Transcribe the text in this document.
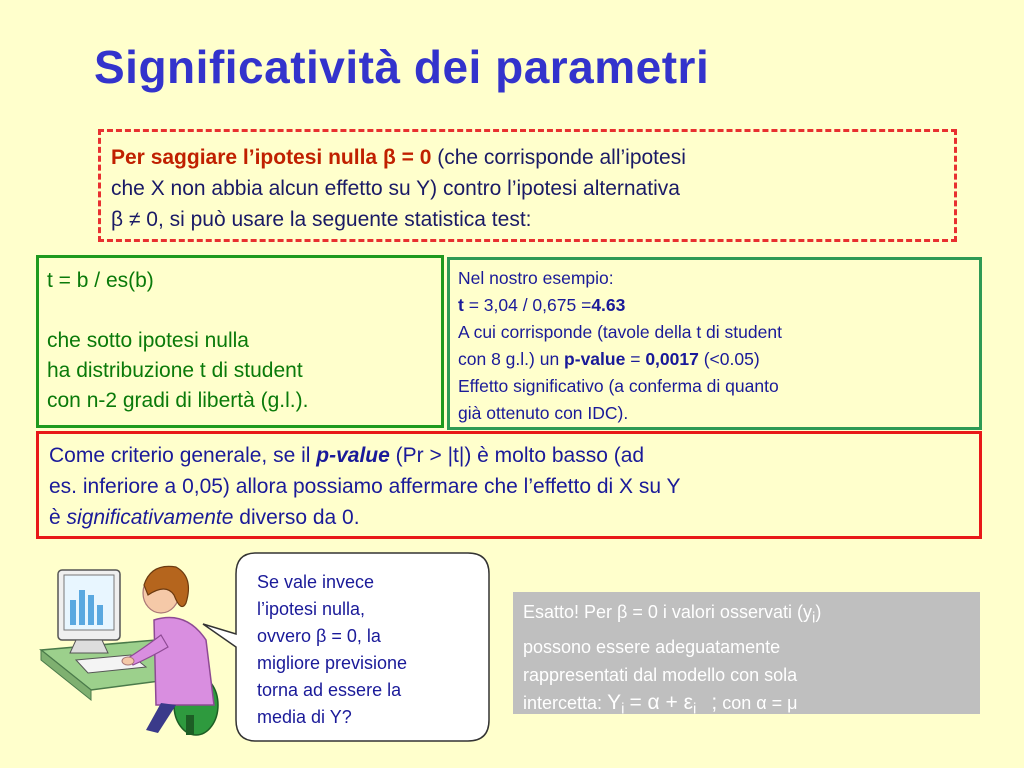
Significatività dei parametri
Per saggiare l’ipotesi nulla β = 0 (che corrisponde all’ipotesi
che X non abbia alcun effetto su Y) contro l’ipotesi alternativa
β ≠ 0, si può usare la seguente statistica test:
t = b / es(b)
che sotto ipotesi nulla
ha distribuzione t di student
con n-2 gradi di libertà (g.l.).
Nel nostro esempio:
t = 3,04 / 0,675 =4.63
A cui corrisponde (tavole della t di student
con 8 g.l.) un p-value = 0,0017 (<0.05)
Effetto significativo (a conferma di quanto
già ottenuto con IDC).
Come criterio generale, se il p-value (Pr > |t|) è molto basso (ad
es. inferiore a 0,05) allora possiamo affermare che l’effetto di X su Y
è significativamente diverso da 0.
Se vale invece
l’ipotesi nulla,
ovvero β = 0, la
migliore previsione
torna ad essere la
media di Y?
Esatto! Per β = 0 i valori osservati $(y_i)$
possono essere adeguatamente
rappresentati dal modello con sola
intercetta: $Y_i = \alpha + \varepsilon_i$ ; con α = μ
